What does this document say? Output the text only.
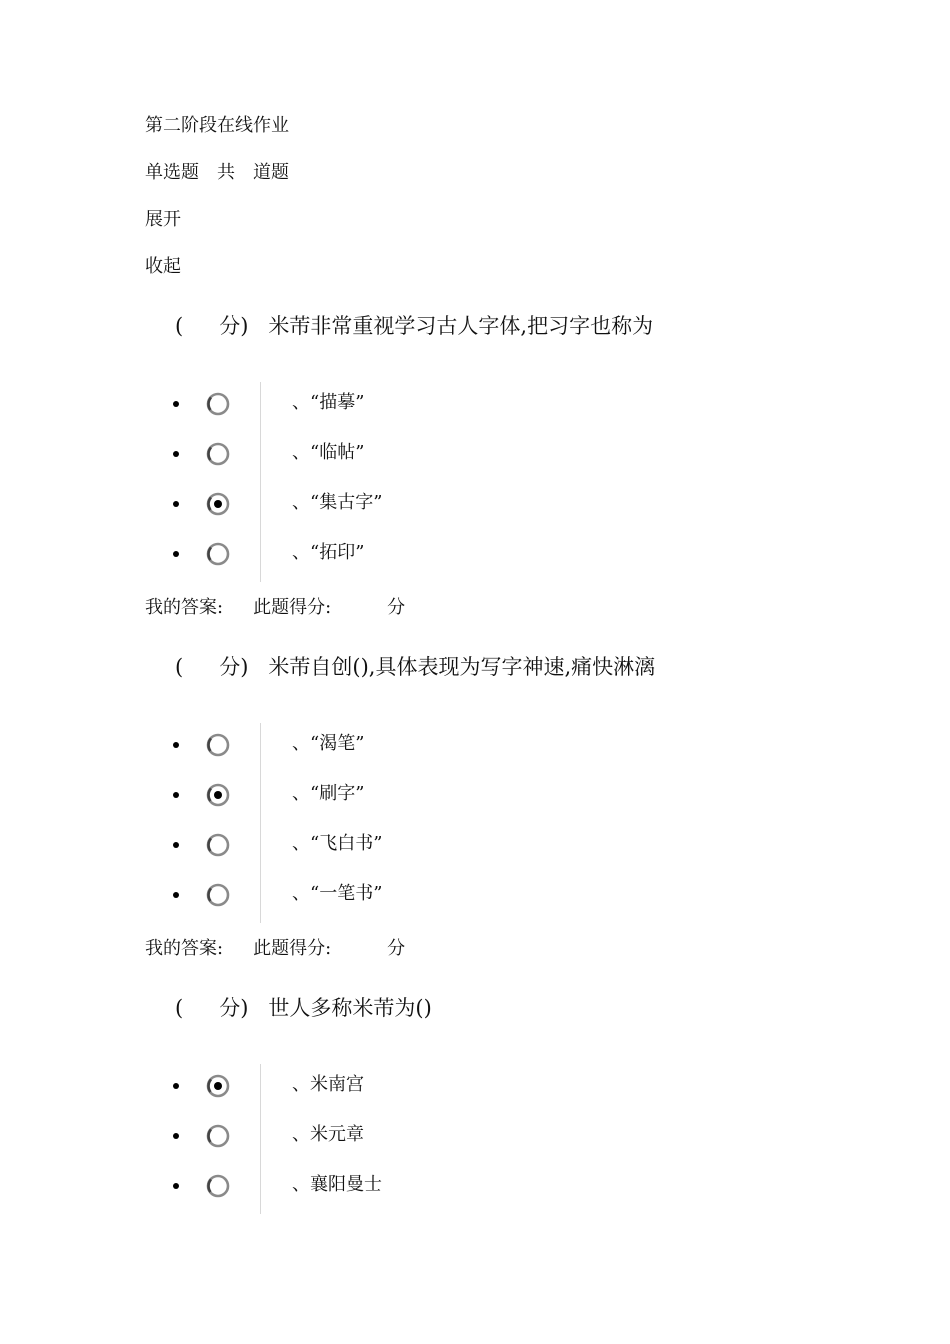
第二阶段在线作业
单选题 共 道题
展开
收起
( 分) 米芾非常重视学习古人字体,把习字也称为
、“描摹”
、“临帖”
、“集古字”
、“拓印”
我的答案: 此题得分:	分
( 分) 米芾自创(),具体表现为写字神速,痛快淋漓
、“渴笔”
、“刷字”
、“飞白书”
、“一笔书”
我的答案: 此题得分:	分
( 分) 世人多称米芾为()
、米南宫
、米元章
、襄阳曼士
